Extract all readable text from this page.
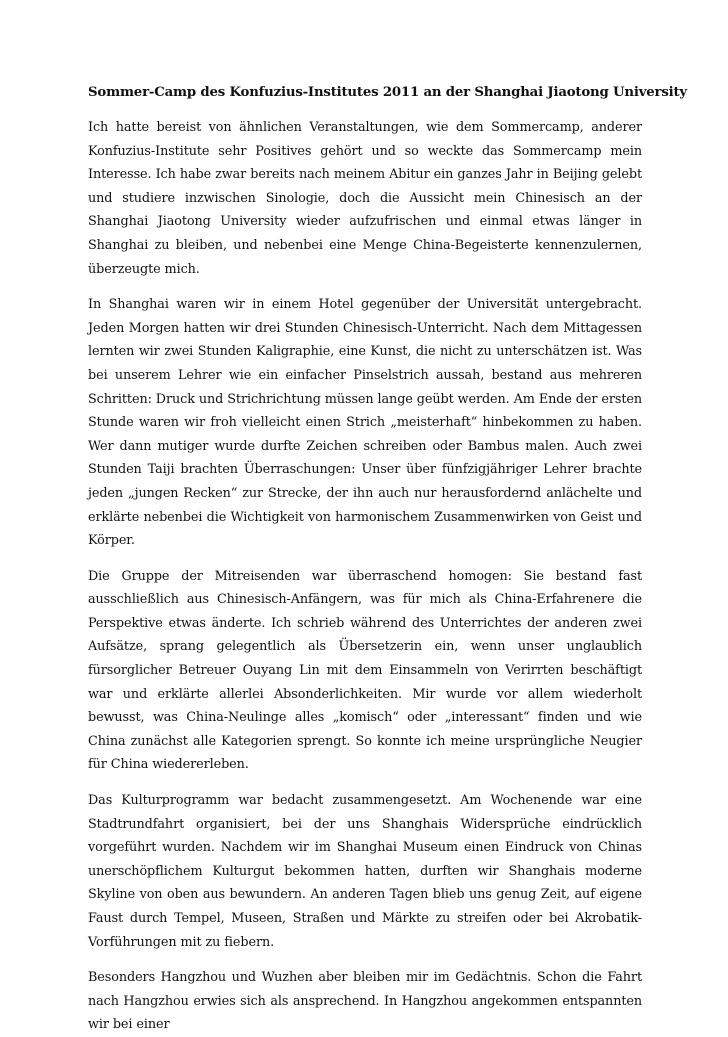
Sommer-Camp des Konfuzius-Institutes 2011 an der Shanghai Jiaotong University

Ich hatte bereist von ähnlichen Veranstaltungen, wie dem Sommercamp, anderer Konfuzius-Institute sehr Positives gehört und so weckte das Sommercamp mein Interesse. Ich habe zwar bereits nach meinem Abitur ein ganzes Jahr in Beijing gelebt und studiere inzwischen Sinologie, doch die Aussicht mein Chinesisch an der Shanghai Jiaotong University wieder aufzufrischen und einmal etwas länger in Shanghai zu bleiben, und nebenbei eine Menge China-Begeisterte kennenzulernen, überzeugte mich.

In Shanghai waren wir in einem Hotel gegenüber der Universität untergebracht. Jeden Morgen hatten wir drei Stunden Chinesisch-Unterricht. Nach dem Mittagessen lernten wir zwei Stunden Kaligraphie, eine Kunst, die nicht zu unterschätzen ist. Was bei unserem Lehrer wie ein einfacher Pinselstrich aussah, bestand aus mehreren Schritten: Druck und Strichrichtung müssen lange geübt werden. Am Ende der ersten Stunde waren wir froh vielleicht einen Strich „meisterhaft“ hinbekommen zu haben. Wer dann mutiger wurde durfte Zeichen schreiben oder Bambus malen. Auch zwei Stunden Taiji brachten Überraschungen: Unser über fünfzigjähriger Lehrer brachte jeden „jungen Recken“ zur Strecke, der ihn auch nur herausfordernd anlächelte und erklärte nebenbei die Wichtigkeit von harmonischem Zusammenwirken von Geist und Körper.

Die Gruppe der Mitreisenden war überraschend homogen: Sie bestand fast ausschließlich aus Chinesisch-Anfängern, was für mich als China-Erfahrenere die Perspektive etwas änderte. Ich schrieb während des Unterrichtes der anderen zwei Aufsätze, sprang gelegentlich als Übersetzerin ein, wenn unser unglaublich fürsorglicher Betreuer Ouyang Lin mit dem Einsammeln von Verirrten beschäftigt war und erklärte allerlei Absonderlichkeiten. Mir wurde vor allem wiederholt bewusst, was China-Neulinge alles „komisch“ oder „interessant“ finden und wie China zunächst alle Kategorien sprengt. So konnte ich meine ursprüngliche Neugier für China wiedererleben.

Das Kulturprogramm war bedacht zusammengesetzt. Am Wochenende war eine Stadtrundfahrt organisiert, bei der uns Shanghais Widersprüche eindrücklich vorgeführt wurden. Nachdem wir im Shanghai Museum einen Eindruck von Chinas unerschöpflichem Kulturgut bekommen hatten, durften wir Shanghais moderne Skyline von oben aus bewundern. An anderen Tagen blieb uns genug Zeit, auf eigene Faust durch Tempel, Museen, Straßen und Märkte zu streifen oder bei Akrobatik-Vorführungen mit zu fiebern.

Besonders Hangzhou und Wuzhen aber bleiben mir im Gedächtnis. Schon die Fahrt nach Hangzhou erwies sich als ansprechend. In Hangzhou angekommen entspannten wir bei einer
